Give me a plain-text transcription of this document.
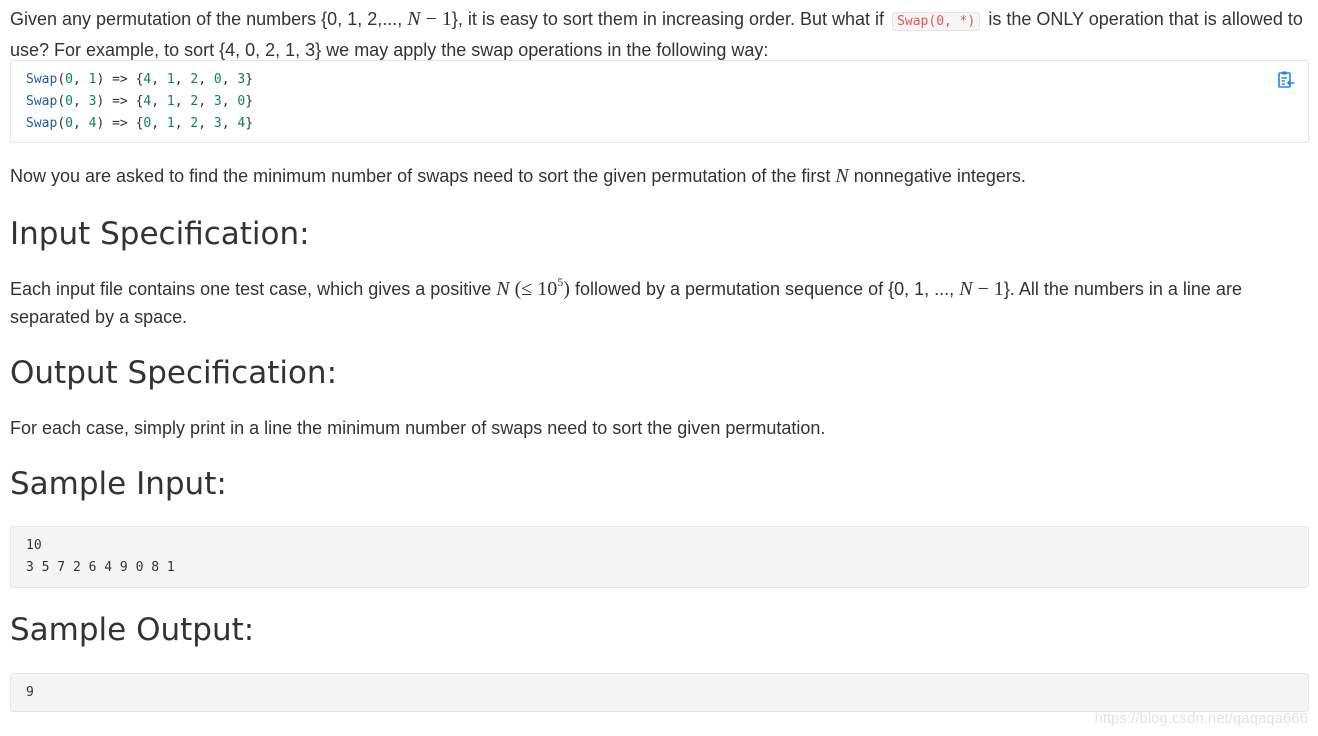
Given any permutation of the numbers {0, 1, 2,..., N − 1}, it is easy to sort them in increasing order. But what if Swap(0, *) is the ONLY operation that is allowed to use? For example, to sort {4, 0, 2, 1, 3} we may apply the swap operations in the following way:

Swap(0, 1) => {4, 1, 2, 0, 3}
Swap(0, 3) => {4, 1, 2, 3, 0}
Swap(0, 4) => {0, 1, 2, 3, 4}

Now you are asked to find the minimum number of swaps need to sort the given permutation of the first N nonnegative integers.

Input Specification:

Each input file contains one test case, which gives a positive N (≤ $10^5$) followed by a permutation sequence of {0, 1, ..., N − 1}. All the numbers in a line are separated by a space.

Output Specification:

For each case, simply print in a line the minimum number of swaps need to sort the given permutation.

Sample Input:
10
3 5 7 2 6 4 9 0 8 1
Sample Output:
9
https://blog.csdn.net/qaqaqa666
